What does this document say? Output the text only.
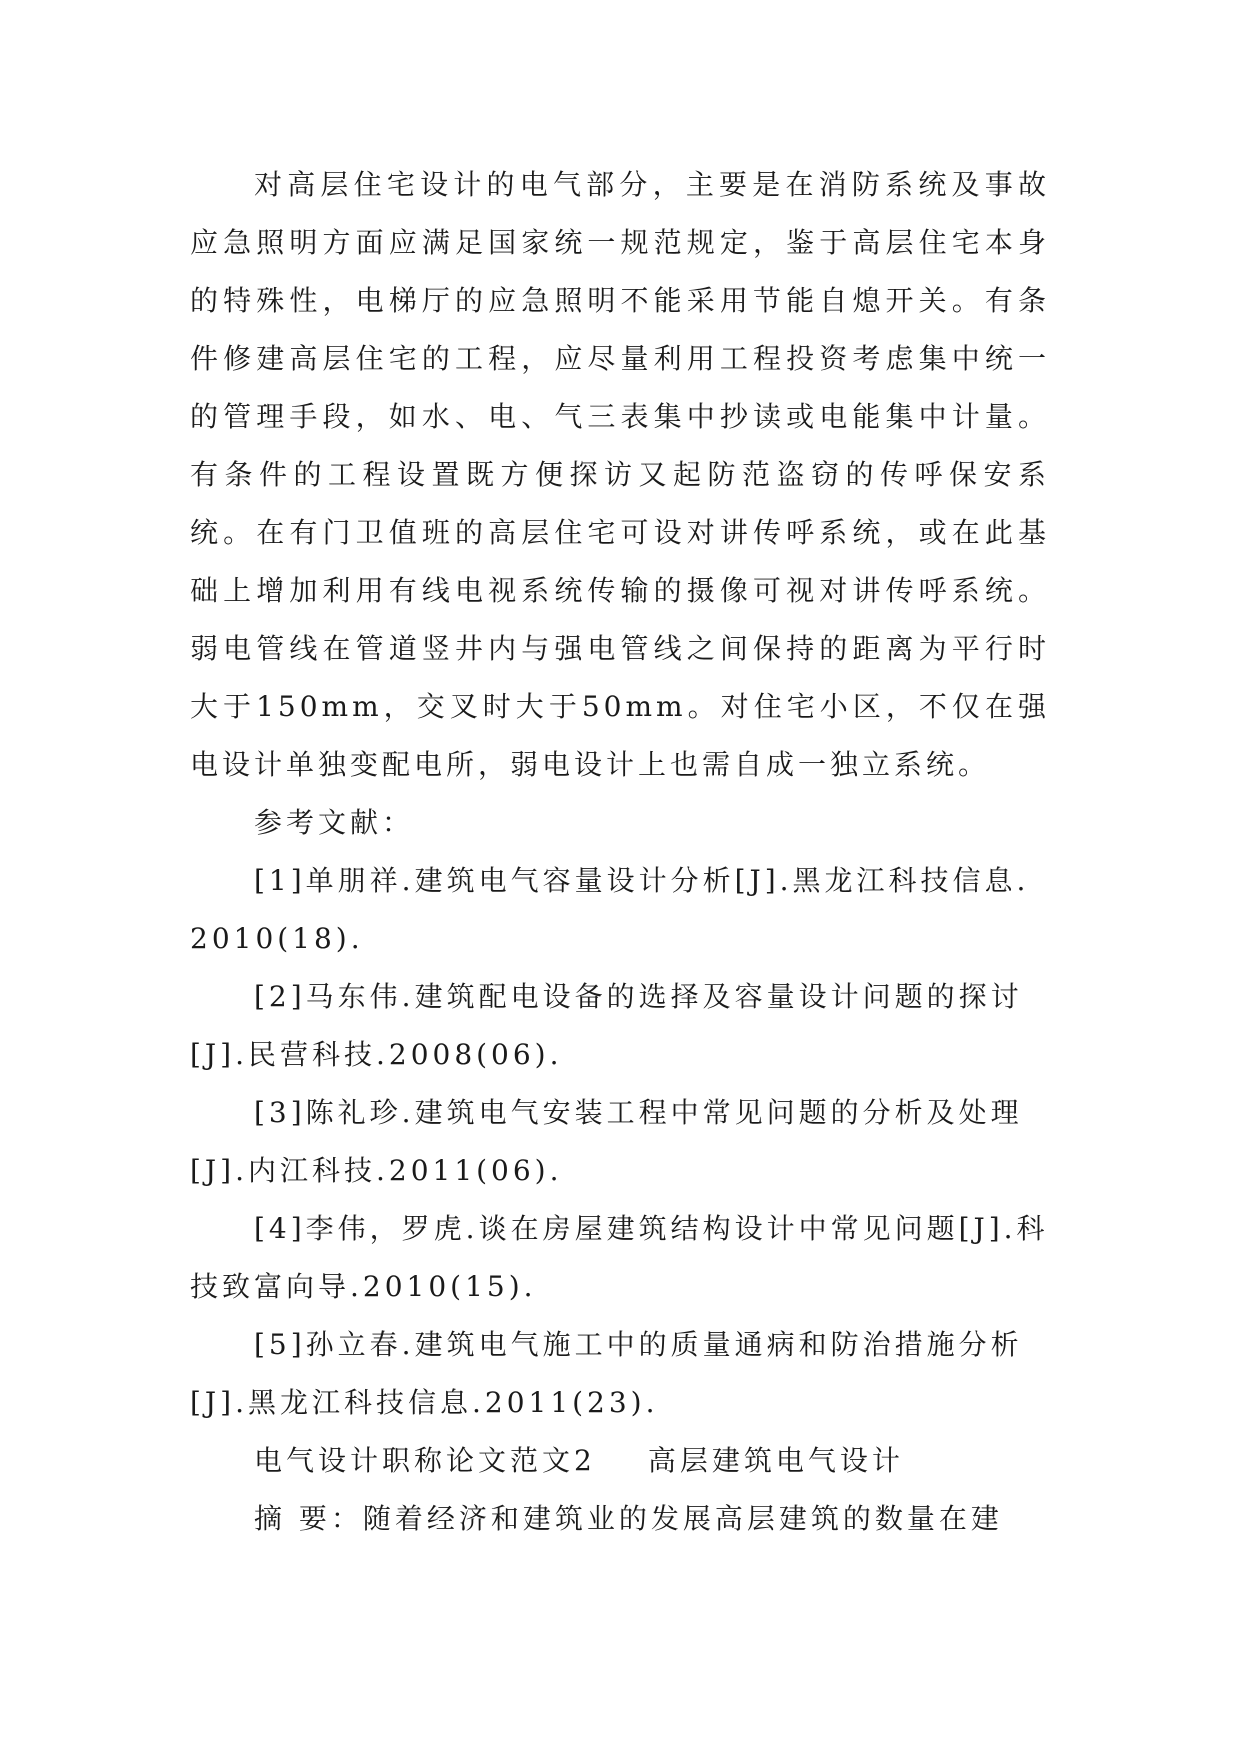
对高层住宅设计的电气部分，主要是在消防系统及事故应急照明方面应满足国家统一规范规定，鉴于高层住宅本身的特殊性，电梯厅的应急照明不能采用节能自熄开关。有条件修建高层住宅的工程，应尽量利用工程投资考虑集中统一的管理手段，如水、电、气三表集中抄读或电能集中计量。有条件的工程设置既方便探访又起防范盗窃的传呼保安系统。在有门卫值班的高层住宅可设对讲传呼系统，或在此基础上增加利用有线电视系统传输的摄像可视对讲传呼系统。弱电管线在管道竖井内与强电管线之间保持的距离为平行时大于150mm，交叉时大于50mm。对住宅小区，不仅在强电设计单独变配电所，弱电设计上也需自成一独立系统。

参考文献：

[1]单朋祥.建筑电气容量设计分析[J].黑龙江科技信息.2010(18).

[2]马东伟.建筑配电设备的选择及容量设计问题的探讨[J].民营科技.2008(06).

[3]陈礼珍.建筑电气安装工程中常见问题的分析及处理[J].内江科技.2011(06).

[4]李伟，罗虎.谈在房屋建筑结构设计中常见问题[J].科技致富向导.2010(15).

[5]孙立春.建筑电气施工中的质量通病和防治措施分析[J].黑龙江科技信息.2011(23).

电气设计职称论文范文2 高层建筑电气设计

摘 要：随着经济和建筑业的发展高层建筑的数量在建
